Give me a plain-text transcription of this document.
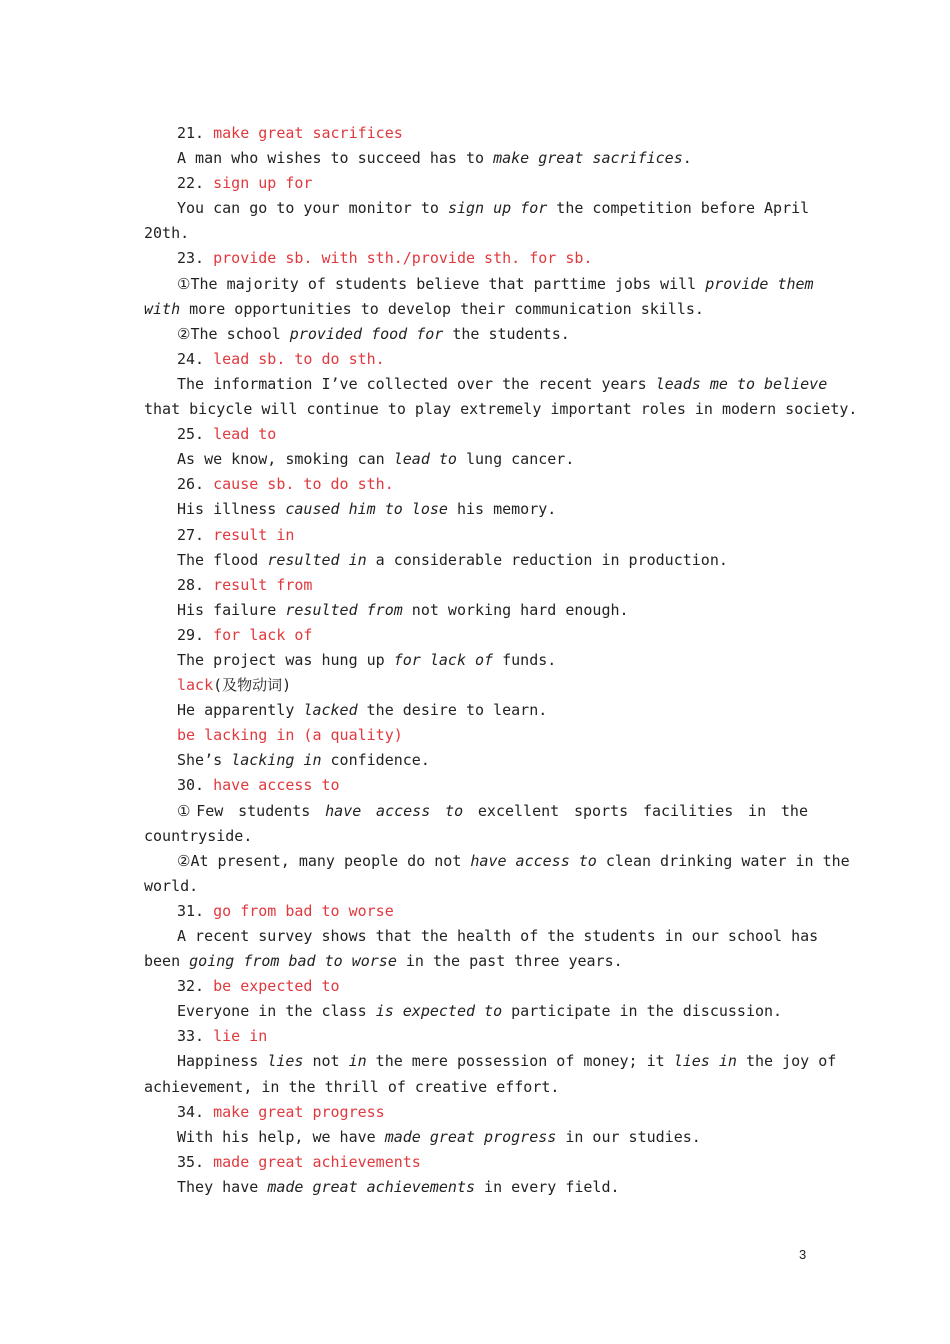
21. make great sacrifices
A man who wishes to succeed has to make great sacrifices.
22. sign up for
You can go to your monitor to sign up for the competition before April
20th.
23. provide sb. with sth./provide sth. for sb.
①The majority of students believe that parttime jobs will provide them
with more opportunities to develop their communication skills.
②The school provided food for the students.
24. lead sb. to do sth.
The information I’ve collected over the recent years leads me to believe
that bicycle will continue to play extremely important roles in modern society.
25. lead to
As we know, smoking can lead to lung cancer.
26. cause sb. to do sth.
His illness caused him to lose his memory.
27. result in
The flood resulted in a considerable reduction in production.
28. result from
His failure resulted from not working hard enough.
29. for lack of
The project was hung up for lack of funds.
lack(及物动词)
He apparently lacked the desire to learn.
be lacking in (a quality)
She’s lacking in confidence.
30. have access to
①Few students have access to excellent sports facilities in the
countryside.
②At present, many people do not have access to clean drinking water in the
world.
31. go from bad to worse
A recent survey shows that the health of the students in our school has
been going from bad to worse in the past three years.
32. be expected to
Everyone in the class is expected to participate in the discussion.
33. lie in
Happiness lies not in the mere possession of money; it lies in the joy of
achievement, in the thrill of creative effort.
34. make great progress
With his help, we have made great progress in our studies.
35. made great achievements
They have made great achievements in every field.
3
